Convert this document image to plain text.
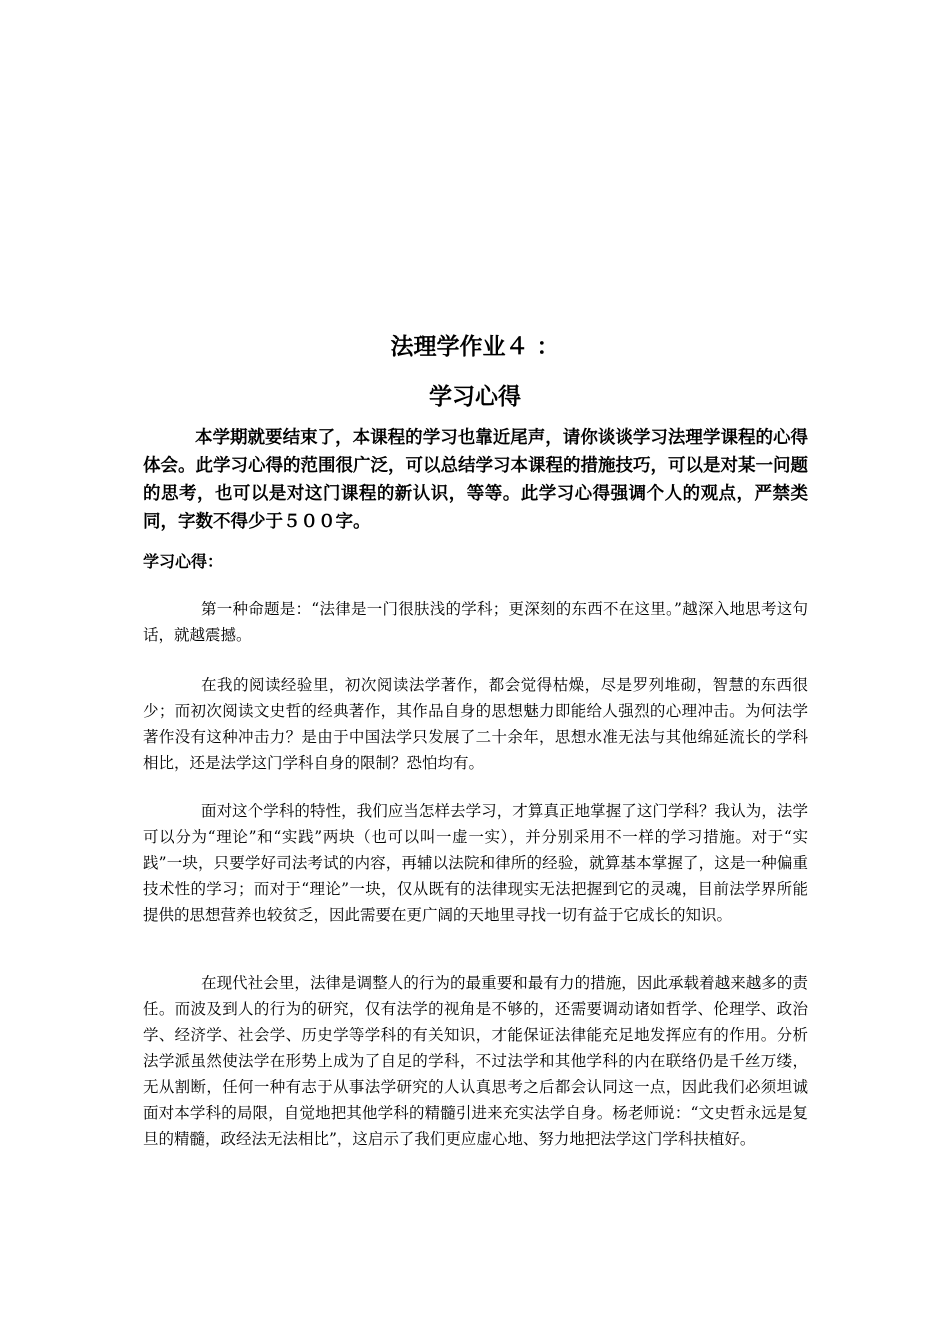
法理学作业４ ：
学习心得

本学期就要结束了，本课程的学习也靠近尾声，请你谈谈学习法理学课程的心得体会。此学习心得的范围很广泛，可以总结学习本课程的措施技巧，可以是对某一问题的思考，也可以是对这门课程的新认识，等等。此学习心得强调个人的观点，严禁类同，字数不得少于５００字。

学习心得：

第一种命题是：“法律是一门很肤浅的学科；更深刻的东西不在这里。”越深入地思考这句话，就越震撼。

在我的阅读经验里，初次阅读法学著作，都会觉得枯燥，尽是罗列堆砌，智慧的东西很少；而初次阅读文史哲的经典著作，其作品自身的思想魅力即能给人强烈的心理冲击。为何法学著作没有这种冲击力？是由于中国法学只发展了二十余年，思想水准无法与其他绵延流长的学科相比，还是法学这门学科自身的限制？恐怕均有。

面对这个学科的特性，我们应当怎样去学习，才算真正地掌握了这门学科？我认为，法学可以分为“理论”和“实践”两块（也可以叫一虚一实），并分别采用不一样的学习措施。对于“实践”一块，只要学好司法考试的内容，再辅以法院和律所的经验，就算基本掌握了，这是一种偏重技术性的学习；而对于“理论”一块，仅从既有的法律现实无法把握到它的灵魂，目前法学界所能提供的思想营养也较贫乏，因此需要在更广阔的天地里寻找一切有益于它成长的知识。

在现代社会里，法律是调整人的行为的最重要和最有力的措施，因此承载着越来越多的责任。而波及到人的行为的研究，仅有法学的视角是不够的，还需要调动诸如哲学、伦理学、政治学、经济学、社会学、历史学等学科的有关知识，才能保证法律能充足地发挥应有的作用。分析法学派虽然使法学在形势上成为了自足的学科，不过法学和其他学科的内在联络仍是千丝万缕，无从割断，任何一种有志于从事法学研究的人认真思考之后都会认同这一点，因此我们必须坦诚面对本学科的局限，自觉地把其他学科的精髓引进来充实法学自身。杨老师说：“文史哲永远是复旦的精髓，政经法无法相比”，这启示了我们更应虚心地、努力地把法学这门学科扶植好。
